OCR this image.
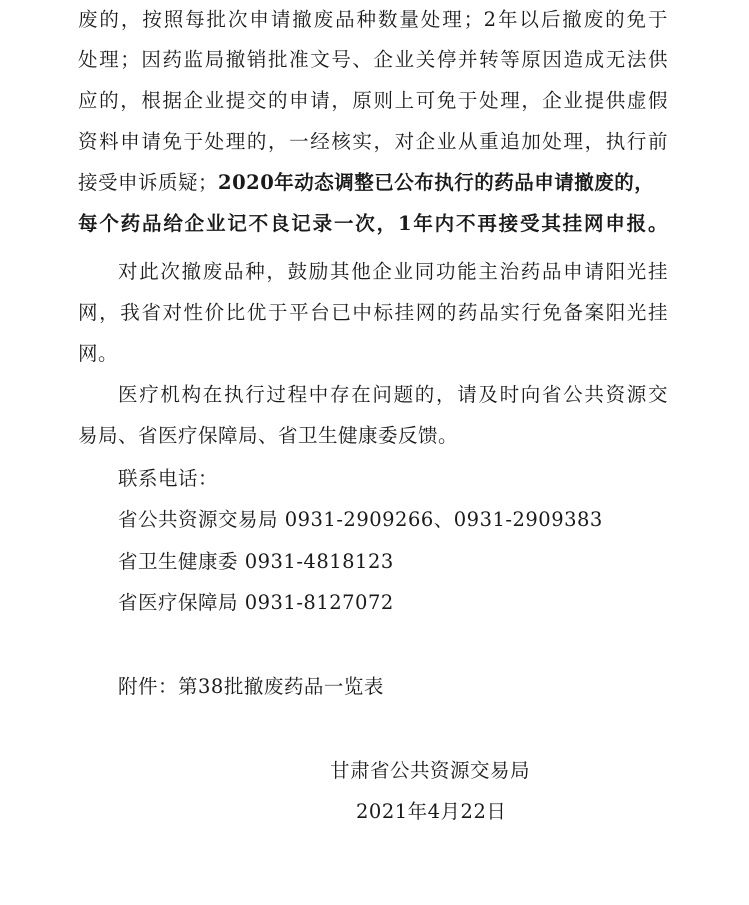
废的，按照每批次申请撤废品种数量处理；2年以后撤废的免于
处理；因药监局撤销批准文号、企业关停并转等原因造成无法供
应的，根据企业提交的申请，原则上可免于处理，企业提供虚假
资料申请免于处理的，一经核实，对企业从重追加处理，执行前
接受申诉质疑；2020年动态调整已公布执行的药品申请撤废的，
每个药品给企业记不良记录一次，1年内不再接受其挂网申报。
对此次撤废品种，鼓励其他企业同功能主治药品申请阳光挂
网，我省对性价比优于平台已中标挂网的药品实行免备案阳光挂
网。
医疗机构在执行过程中存在问题的，请及时向省公共资源交
易局、省医疗保障局、省卫生健康委反馈。
联系电话：
省公共资源交易局 0931-2909266、0931-2909383
省卫生健康委 0931-4818123
省医疗保障局 0931-8127072
附件：第38批撤废药品一览表
甘肃省公共资源交易局
2021年4月22日
